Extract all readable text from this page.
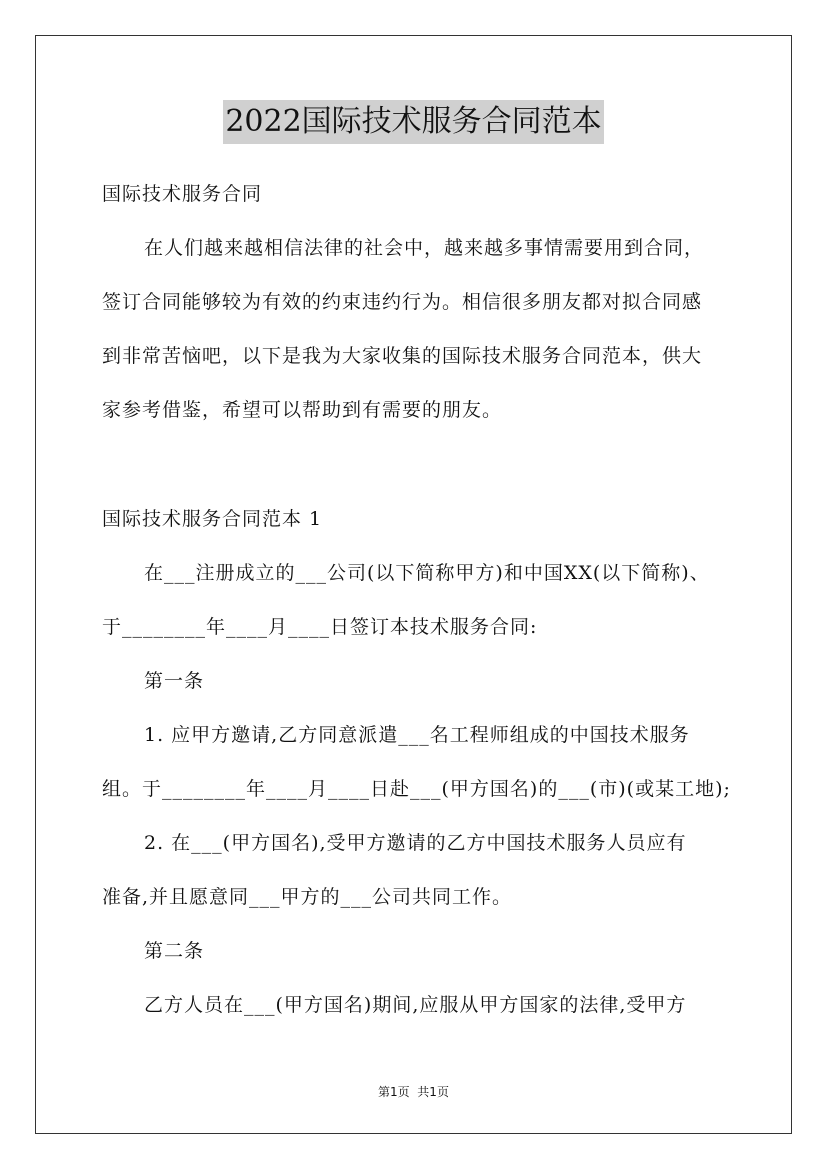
2022国际技术服务合同范本
国际技术服务合同
在人们越来越相信法律的社会中，越来越多事情需要用到合同，
签订合同能够较为有效的约束违约行为。相信很多朋友都对拟合同感
到非常苦恼吧，以下是我为大家收集的国际技术服务合同范本，供大
家参考借鉴，希望可以帮助到有需要的朋友。
国际技术服务合同范本 1
在___注册成立的___公司(以下简称甲方)和中国XX(以下简称)、
于________年____月____日签订本技术服务合同:
第一条
1. 应甲方邀请,乙方同意派遣___名工程师组成的中国技术服务
组。于________年____月____日赴___(甲方国名)的___(市)(或某工地);
2. 在___(甲方国名),受甲方邀请的乙方中国技术服务人员应有
准备,并且愿意同___甲方的___公司共同工作。
第二条
乙方人员在___(甲方国名)期间,应服从甲方国家的法律,受甲方
第1页  共1页
